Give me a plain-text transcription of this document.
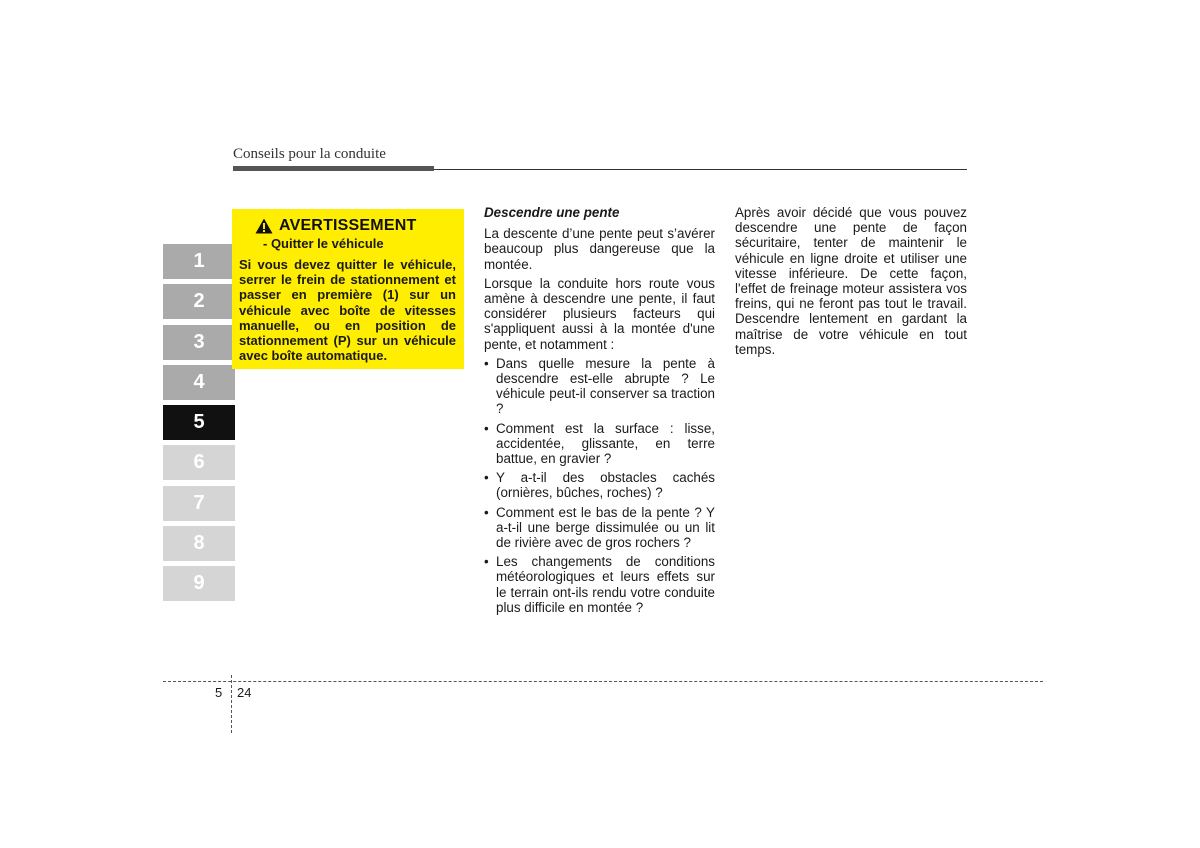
Conseils pour la conduite
1
2
3
4
5
6
7
8
9
AVERTISSEMENT
- Quitter le véhicule
Si vous devez quitter le véhicule, serrer le frein de stationnement et passer en première (1) sur un véhicule avec boîte de vitesses manuelle, ou en position de stationnement (P) sur un véhicule avec boîte automatique.
Descendre une pente

La descente d’une pente peut s’avérer beaucoup plus dangereuse que la montée.

Lorsque la conduite hors route vous amène à descendre une pente, il faut considérer plusieurs facteurs qui s'appliquent aussi à la montée d'une pente, et notamment :

• Dans quelle mesure la pente à descendre est-elle abrupte ? Le véhicule peut-il conserver sa traction ?
• Comment est la surface : lisse, accidentée, glissante, en terre battue, en gravier ?
• Y a-t-il des obstacles cachés (ornières, bûches, roches) ?
• Comment est le bas de la pente ? Y a-t-il une berge dissimulée ou un lit de rivière avec de gros rochers ?
• Les changements de conditions météorologiques et leurs effets sur le terrain ont-ils rendu votre conduite plus difficile en montée ?

Après avoir décidé que vous pouvez descendre une pente de façon sécuritaire, tenter de maintenir le véhicule en ligne droite et utiliser une vitesse inférieure. De cette façon, l'effet de freinage moteur assistera vos freins, qui ne feront pas tout le travail. Descendre lentement en gardant la maîtrise de votre véhicule en tout temps.

5 24
